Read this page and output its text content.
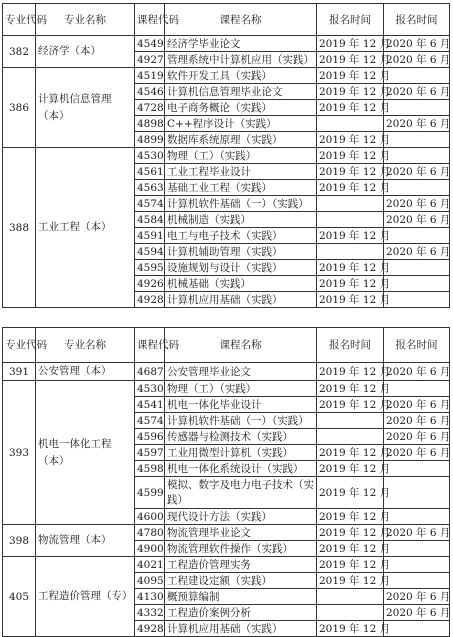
专业代码	专业名称	课程代码	课程名称	报名时间	报名时间
382	经济学（本）	4549	经济学毕业论文	2019 年 12 月	2020 年 6 月
		4927	管理系统中计算机应用（实践）	2019 年 12 月	2020 年 6 月
386	计算机信息管理（本）	4519	软件开发工具（实践）	2019 年 12 月	
		4546	计算机信息管理毕业论文	2019 年 12 月	2020 年 6 月
		4728	电子商务概论（实践）	2019 年 12 月	
		4898	C++程序设计（实践）		2020 年 6 月
		4899	数据库系统原理（实践）	2019 年 12 月	
388	工业工程（本）	4530	物理（工）（实践）	2019 年 12 月	
		4561	工业工程毕业设计	2019 年 12 月	2020 年 6 月
		4563	基础工业工程（实践）	2019 年 12 月	
		4574	计算机软件基础（一）（实践）		2020 年 6 月
		4584	机械制造（实践）		2020 年 6 月
		4591	电工与电子技术（实践）	2019 年 12 月	
		4594	计算机辅助管理（实践）		2020 年 6 月
		4595	设施规划与设计（实践）	2019 年 12 月	
		4926	机械基础（实践）	2019 年 12 月	
		4928	计算机应用基础（实践）	2019 年 12 月	
专业代码	专业名称	课程代码	课程名称	报名时间	报名时间
391	公安管理（本）	4687	公安管理毕业论文	2019 年 12 月	2020 年 6 月
393	机电一体化工程（本）	4530	物理（工）（实践）	2019 年 12 月	
		4541	机电一体化毕业设计	2019 年 12 月	2020 年 6 月
		4574	计算机软件基础（一）（实践）		2020 年 6 月
		4596	传感器与检测技术（实践）		2020 年 6 月
		4597	工业用微型计算机（实践）	2019 年 12 月	2020 年 6 月
		4598	机电一体化系统设计（实践）	2019 年 12 月	
		4599	模拟、数字及电力电子技术（实践）	2019 年 12 月	
		4600	现代设计方法（实践）	2019 年 12 月	
398	物流管理（本）	4780	物流管理毕业论文	2019 年 12 月	2020 年 6 月
		4900	物流管理软件操作（实践）	2019 年 12 月	
405	工程造价管理（专）	4021	工程造价管理实务	2019 年 12 月	
		4095	工程建设定额（实践）	2019 年 12 月	
		4130	概预算编制		2020 年 6 月
		4332	工程造价案例分析		2020 年 6 月
		4928	计算机应用基础（实践）	2019 年 12 月	
